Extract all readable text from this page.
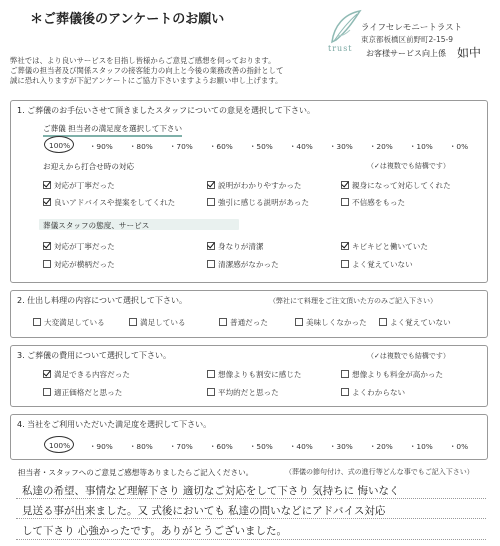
＊ご葬儀後のアンケートのお願い
trust
ライフセレモニートラスト
東京都板橋区前野町2-15-9
お客様サービス向上係 如中
弊社では、より良いサービスを目指し皆様からご意見ご感想を伺っております。
ご葬儀の担当者及び関係スタッフの接客能力の向上と今後の業務改善の指針として
誠に恐れ入りますが下記アンケートにご協力下さいますようお願い申し上げます。
1. ご葬儀のお手伝いさせて頂きましたスタッフについての意見を選択して下さい。
ご葬儀 担当者の満足度を選択して下さい
100%	・90%	・80%	・70%	・60%	・50%	・40%	・30%	・20%	・10%	・0%
お迎えから打合せ時の対応	（✓は複数でも結構です）
対応が丁寧だった	説明がわかりやすかった	親身になって対応してくれた
良いアドバイスや提案をしてくれた	強引に感じる説明があった	不信感をもった
葬儀スタッフの態度、サービス
対応が丁寧だった	身なりが清潔	キビキビと働いていた
対応が横柄だった	清潔感がなかった	よく覚えていない
2. 仕出し料理の内容について選択して下さい。	（弊社にて料理をご注文頂いた方のみご記入下さい）
大変満足している	満足している	普通だった	美味しくなかった	よく覚えていない
3. ご葬儀の費用について選択して下さい。	（✓は複数でも結構です）
満足できる内容だった	想像よりも割安に感じた	想像よりも料金が高かった
適正価格だと思った	平均的だと思った	よくわからない
4. 当社をご利用いただいた満足度を選択して下さい。
100%	・90%	・80%	・70%	・60%	・50%	・40%	・30%	・20%	・10%	・0%
担当者・スタッフへのご意見ご感想等ありましたらご記入ください。	（葬儀の節句付け、式の進行等どんな事でもご記入下さい）
私達の希望、事情など理解下さり 適切なご対応をして下さり 気持ちに 悔いなく
見送る事が出来ました。又 式後においても 私達の問いなどにアドバイス対応
して下さり 心強かったです。ありがとうございました。
